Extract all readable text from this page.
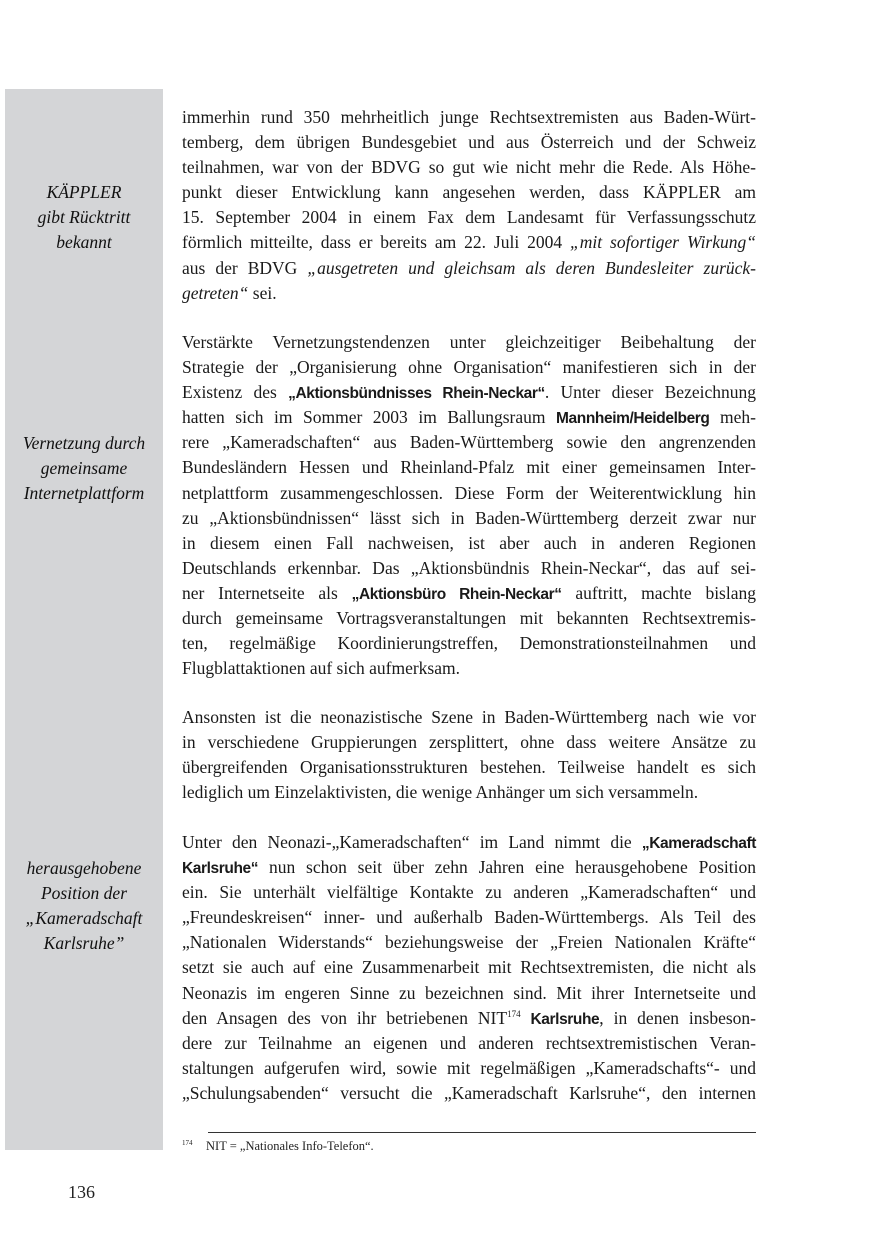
KÄPPLER
gibt Rücktritt
bekannt
Vernetzung durch
gemeinsame
Internetplattform
herausgehobene
Position der
„Kameradschaft
Karlsruhe”
immerhin rund 350 mehrheitlich junge Rechtsextremisten aus Baden-Würt-
temberg, dem übrigen Bundesgebiet und aus Österreich und der Schweiz
teilnahmen, war von der BDVG so gut wie nicht mehr die Rede. Als Höhe-
punkt dieser Entwicklung kann angesehen werden, dass KÄPPLER am
15. September 2004 in einem Fax dem Landesamt für Verfassungsschutz
förmlich mitteilte, dass er bereits am 22. Juli 2004 „mit sofortiger Wirkung“
aus der BDVG „ausgetreten und gleichsam als deren Bundesleiter zurück-
getreten“ sei.
Verstärkte Vernetzungstendenzen unter gleichzeitiger Beibehaltung der
Strategie der „Organisierung ohne Organisation“ manifestieren sich in der
Existenz des „Aktionsbündnisses Rhein-Neckar“. Unter dieser Bezeichnung
hatten sich im Sommer 2003 im Ballungsraum Mannheim/Heidelberg meh-
rere „Kameradschaften“ aus Baden-Württemberg sowie den angrenzenden
Bundesländern Hessen und Rheinland-Pfalz mit einer gemeinsamen Inter-
netplattform zusammengeschlossen. Diese Form der Weiterentwicklung hin
zu „Aktionsbündnissen“ lässt sich in Baden-Württemberg derzeit zwar nur
in diesem einen Fall nachweisen, ist aber auch in anderen Regionen
Deutschlands erkennbar. Das „Aktionsbündnis Rhein-Neckar“, das auf sei-
ner Internetseite als „Aktionsbüro Rhein-Neckar“ auftritt, machte bislang
durch gemeinsame Vortragsveranstaltungen mit bekannten Rechtsextremis-
ten, regelmäßige Koordinierungstreffen, Demonstrationsteilnahmen und
Flugblattaktionen auf sich aufmerksam.
Ansonsten ist die neonazistische Szene in Baden-Württemberg nach wie vor
in verschiedene Gruppierungen zersplittert, ohne dass weitere Ansätze zu
übergreifenden Organisationsstrukturen bestehen. Teilweise handelt es sich
lediglich um Einzelaktivisten, die wenige Anhänger um sich versammeln.
Unter den Neonazi-„Kameradschaften“ im Land nimmt die „Kameradschaft
Karlsruhe“ nun schon seit über zehn Jahren eine herausgehobene Position
ein. Sie unterhält vielfältige Kontakte zu anderen „Kameradschaften“ und
„Freundeskreisen“ inner- und außerhalb Baden-Württembergs. Als Teil des
„Nationalen Widerstands“ beziehungsweise der „Freien Nationalen Kräfte“
setzt sie auch auf eine Zusammenarbeit mit Rechtsextremisten, die nicht als
Neonazis im engeren Sinne zu bezeichnen sind. Mit ihrer Internetseite und
den Ansagen des von ihr betriebenen NIT$^{174}$ Karlsruhe, in denen insbeson-
dere zur Teilnahme an eigenen und anderen rechtsextremistischen Veran-
staltungen aufgerufen wird, sowie mit regelmäßigen „Kameradschafts“- und
„Schulungsabenden“ versucht die „Kameradschaft Karlsruhe“, den internen
174 NIT = „Nationales Info-Telefon“.
136
